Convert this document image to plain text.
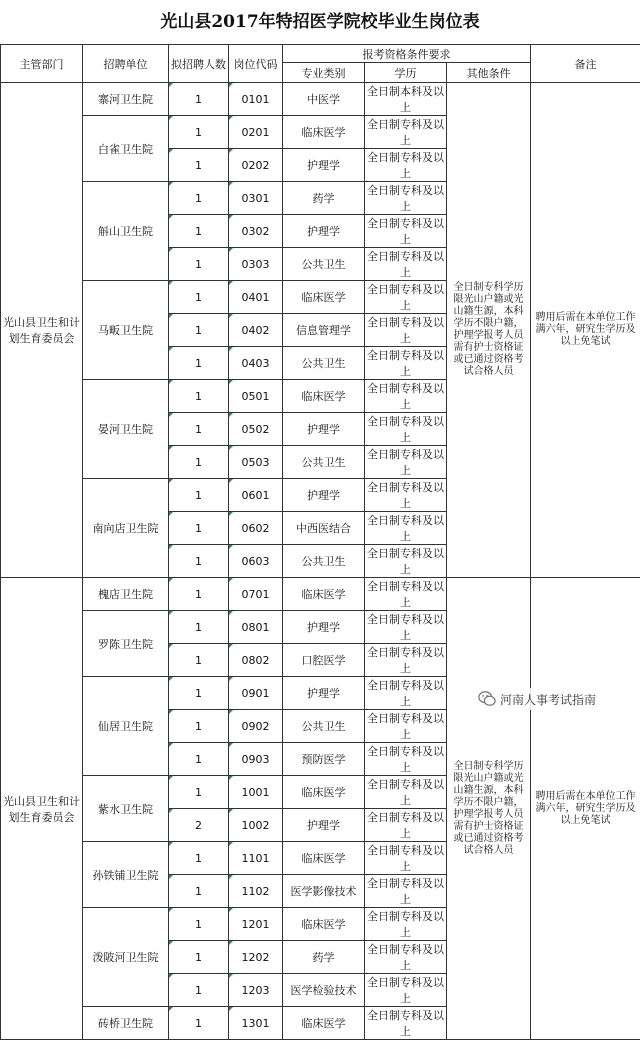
光山县2017年特招医学院校毕业生岗位表
主管部门	招聘单位	拟招聘人数	岗位代码	报考资格条件要求			备注
				专业类别	学历	其他条件	
光山县卫生和计划生育委员会	寨河卫生院	1	0101	中医学	全日制本科及以上	全日制专科学历限光山户籍或光山籍生源，本科学历不限户籍，护理学报考人员需有护士资格证或已通过资格考试合格人员	聘用后需在本单位工作满六年，研究生学历及以上免笔试
	白雀卫生院	1	0201	临床医学	全日制专科及以上		
		1	0202	护理学	全日制专科及以上		
	斛山卫生院	1	0301	药学	全日制专科及以上		
		1	0302	护理学	全日制专科及以上		
		1	0303	公共卫生	全日制专科及以上		
	马畈卫生院	1	0401	临床医学	全日制专科及以上		
		1	0402	信息管理学	全日制专科及以上		
		1	0403	公共卫生	全日制专科及以上		
	晏河卫生院	1	0501	临床医学	全日制专科及以上		
		1	0502	护理学	全日制专科及以上		
		1	0503	公共卫生	全日制专科及以上		
	南向店卫生院	1	0601	护理学	全日制专科及以上		
		1	0602	中西医结合	全日制专科及以上		
		1	0603	公共卫生	全日制专科及以上		
光山县卫生和计划生育委员会	槐店卫生院	1	0701	临床医学	全日制专科及以上	全日制专科学历限光山户籍或光山籍生源，本科学历不限户籍，护理学报考人员需有护士资格证或已通过资格考试合格人员	聘用后需在本单位工作满六年，研究生学历及以上免笔试
	罗陈卫生院	1	0801	护理学	全日制专科及以上		
		1	0802	口腔医学	全日制专科及以上		
	仙居卫生院	1	0901	护理学	全日制专科及以上		
		1	0902	公共卫生	全日制专科及以上		
		1	0903	预防医学	全日制专科及以上		
	紫水卫生院	1	1001	临床医学	全日制专科及以上		
		2	1002	护理学	全日制专科及以上		
	孙铁铺卫生院	1	1101	临床医学	全日制专科及以上		
		1	1102	医学影像技术	全日制专科及以上		
	泼陂河卫生院	1	1201	临床医学	全日制专科及以上		
		1	1202	药学	全日制专科及以上		
		1	1203	医学检验技术	全日制专科及以上		
	砖桥卫生院	1	1301	临床医学	全日制专科及以上		
河南人事考试指南
